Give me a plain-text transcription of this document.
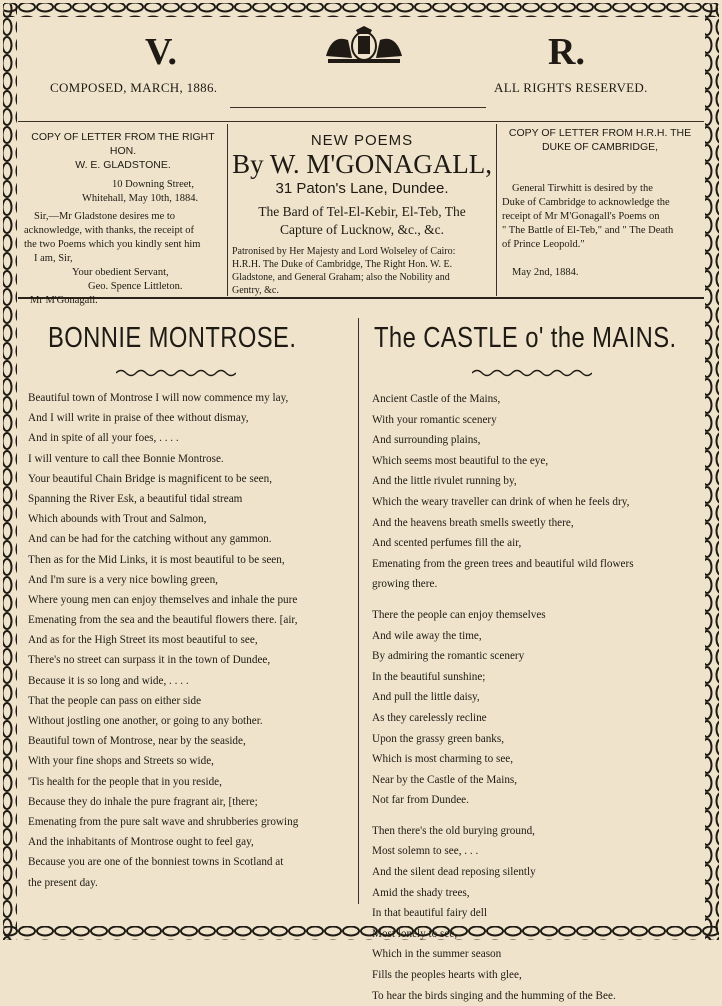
V.	R.
COMPOSED, MARCH, 1886.	ALL RIGHTS RESERVED.
COPY OF LETTER FROM THE RIGHT HON.
W. E. GLADSTONE.
10 Downing Street,
Whitehall, May 10th, 1884.
Sir,—Mr Gladstone desires me to
acknowledge, with thanks, the receipt of
the two Poems which you kindly sent him
I am, Sir,
Your obedient Servant,
Geo. Spence Littleton.
Mr M'Gonagall.
NEW POEMS
By W. M'GONAGALL,
31 Paton's Lane, Dundee.
The Bard of Tel-El-Kebir, El-Teb, The
Capture of Lucknow, &c., &c.
Patronised by Her Majesty and Lord Wolseley of Cairo:
H.R.H. The Duke of Cambridge, The Right Hon. W. E.
Gladstone, and General Graham; also the Nobility and
Gentry, &c.
COPY OF LETTER FROM H.R.H. THE
DUKE OF CAMBRIDGE,
General Tirwhitt is desired by the
Duke of Cambridge to acknowledge the
receipt of Mr M'Gonagall's Poems on
" The Battle of El-Teb," and " The Death
of Prince Leopold."
May 2nd, 1884.
BONNIE MONTROSE.
Beautiful town of Montrose I will now commence my lay,
And I will write in praise of thee without dismay,
And in spite of all your foes, . . . .
I will venture to call thee Bonnie Montrose.
Your beautiful Chain Bridge is magnificent to be seen,
Spanning the River Esk, a beautiful tidal stream
Which abounds with Trout and Salmon,
And can be had for the catching without any gammon.
Then as for the Mid Links, it is most beautiful to be seen,
And I'm sure is a very nice bowling green,
Where young men can enjoy themselves and inhale the pure
Emenating from the sea and the beautiful flowers there. [air,
And as for the High Street its most beautiful to see,
There's no street can surpass it in the town of Dundee,
Because it is so long and wide, . . . .
That the people can pass on either side
Without jostling one another, or going to any bother.
Beautiful town of Montrose, near by the seaside,
With your fine shops and Streets so wide,
'Tis health for the people that in you reside,
Because they do inhale the pure fragrant air, [there;
Emenating from the pure salt wave and shrubberies growing
And the inhabitants of Montrose ought to feel gay,
Because you are one of the bonniest towns in Scotland at
the present day.
The CASTLE o' the MAINS.
Ancient Castle of the Mains,
With your romantic scenery
And surrounding plains,
Which seems most beautiful to the eye,
And the little rivulet running by,
Which the weary traveller can drink of when he feels dry,
And the heavens breath smells sweetly there,
And scented perfumes fill the air,
Emenating from the green trees and beautiful wild flowers
growing there.
There the people can enjoy themselves
And wile away the time,
By admiring the romantic scenery
In the beautiful sunshine;
And pull the little daisy,
As they carelessly recline
Upon the grassy green banks,
Which is most charming to see,
Near by the Castle of the Mains,
Not far from Dundee.
Then there's the old burying ground,
Most solemn to see, . . .
And the silent dead reposing silently
Amid the shady trees,
In that beautiful fairy dell
Most lonely to see,
Which in the summer season
Fills the peoples hearts with glee,
To hear the birds singing and the humming of the Bee.
